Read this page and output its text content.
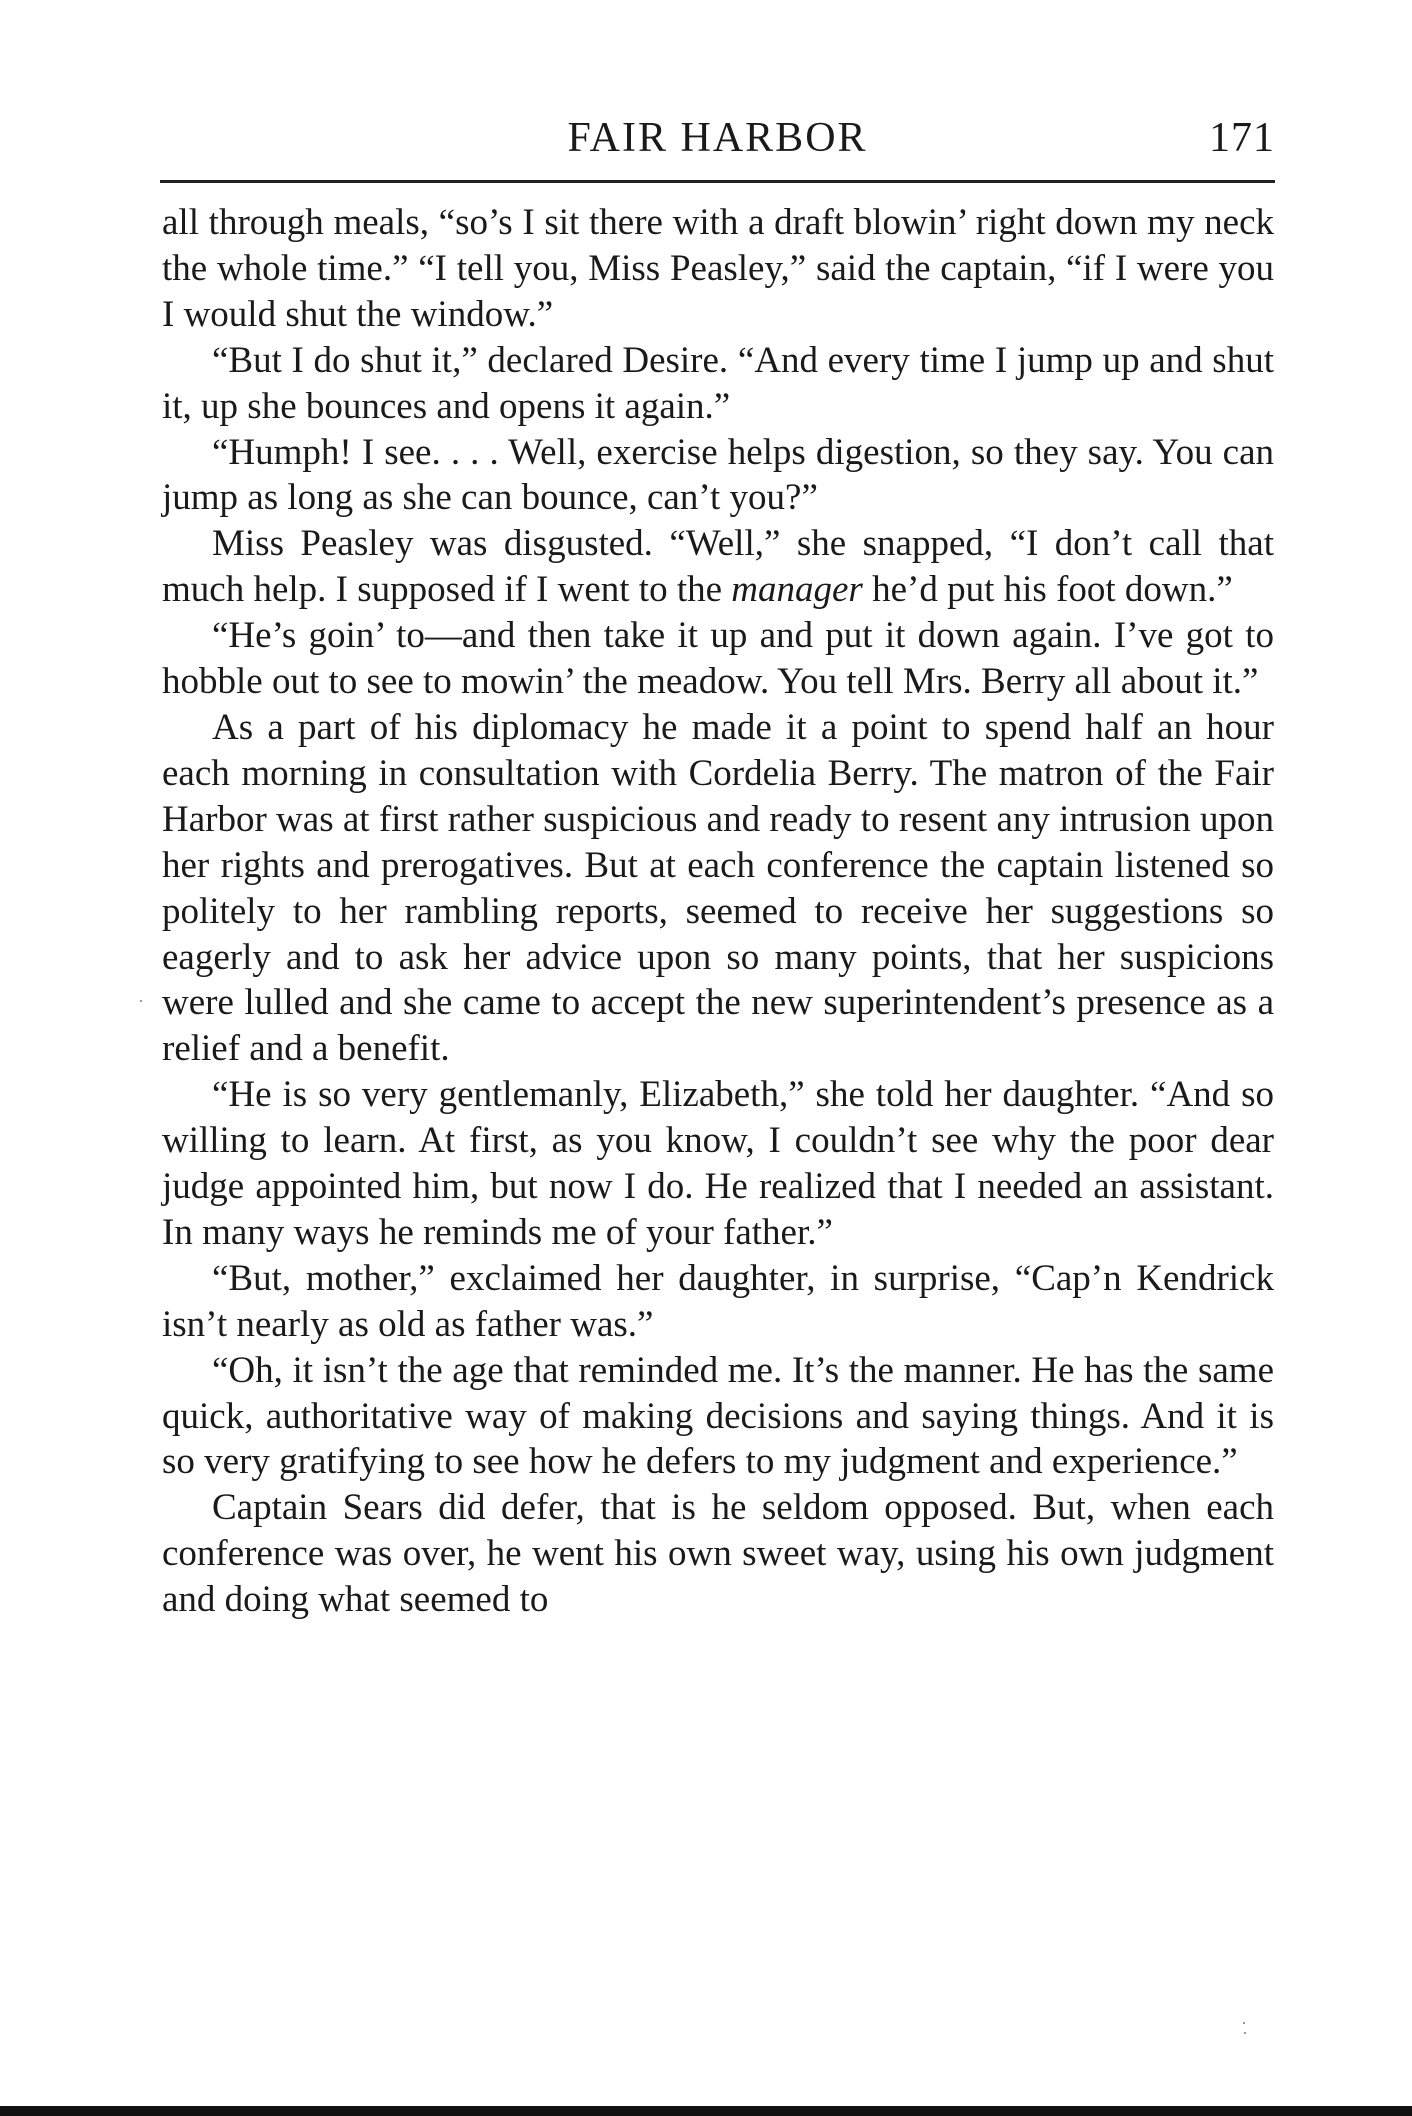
FAIR HARBOR	171

all through meals, “so’s I sit there with a draft blowin’ right down my neck the whole time.” “I tell you, Miss Peasley,” said the captain, “if I were you I would shut the window.”

“But I do shut it,” declared Desire. “And every time I jump up and shut it, up she bounces and opens it again.”

“Humph! I see. . . . Well, exercise helps digestion, so they say. You can jump as long as she can bounce, can’t you?”

Miss Peasley was disgusted. “Well,” she snapped, “I don’t call that much help. I supposed if I went to the manager he’d put his foot down.”

“He’s goin’ to—and then take it up and put it down again. I’ve got to hobble out to see to mowin’ the meadow. You tell Mrs. Berry all about it.”

As a part of his diplomacy he made it a point to spend half an hour each morning in consultation with Cordelia Berry. The matron of the Fair Harbor was at first rather suspicious and ready to resent any intrusion upon her rights and prerogatives. But at each conference the captain listened so politely to her rambling reports, seemed to receive her suggestions so eagerly and to ask her advice upon so many points, that her suspicions were lulled and she came to accept the new superintendent’s presence as a relief and a benefit.

“He is so very gentlemanly, Elizabeth,” she told her daughter. “And so willing to learn. At first, as you know, I couldn’t see why the poor dear judge appointed him, but now I do. He realized that I needed an assistant. In many ways he reminds me of your father.”

“But, mother,” exclaimed her daughter, in surprise, “Cap’n Kendrick isn’t nearly as old as father was.”

“Oh, it isn’t the age that reminded me. It’s the manner. He has the same quick, authoritative way of making decisions and saying things. And it is so very gratifying to see how he defers to my judgment and experience.”

Captain Sears did defer, that is he seldom opposed. But, when each conference was over, he went his own sweet way, using his own judgment and doing what seemed to
